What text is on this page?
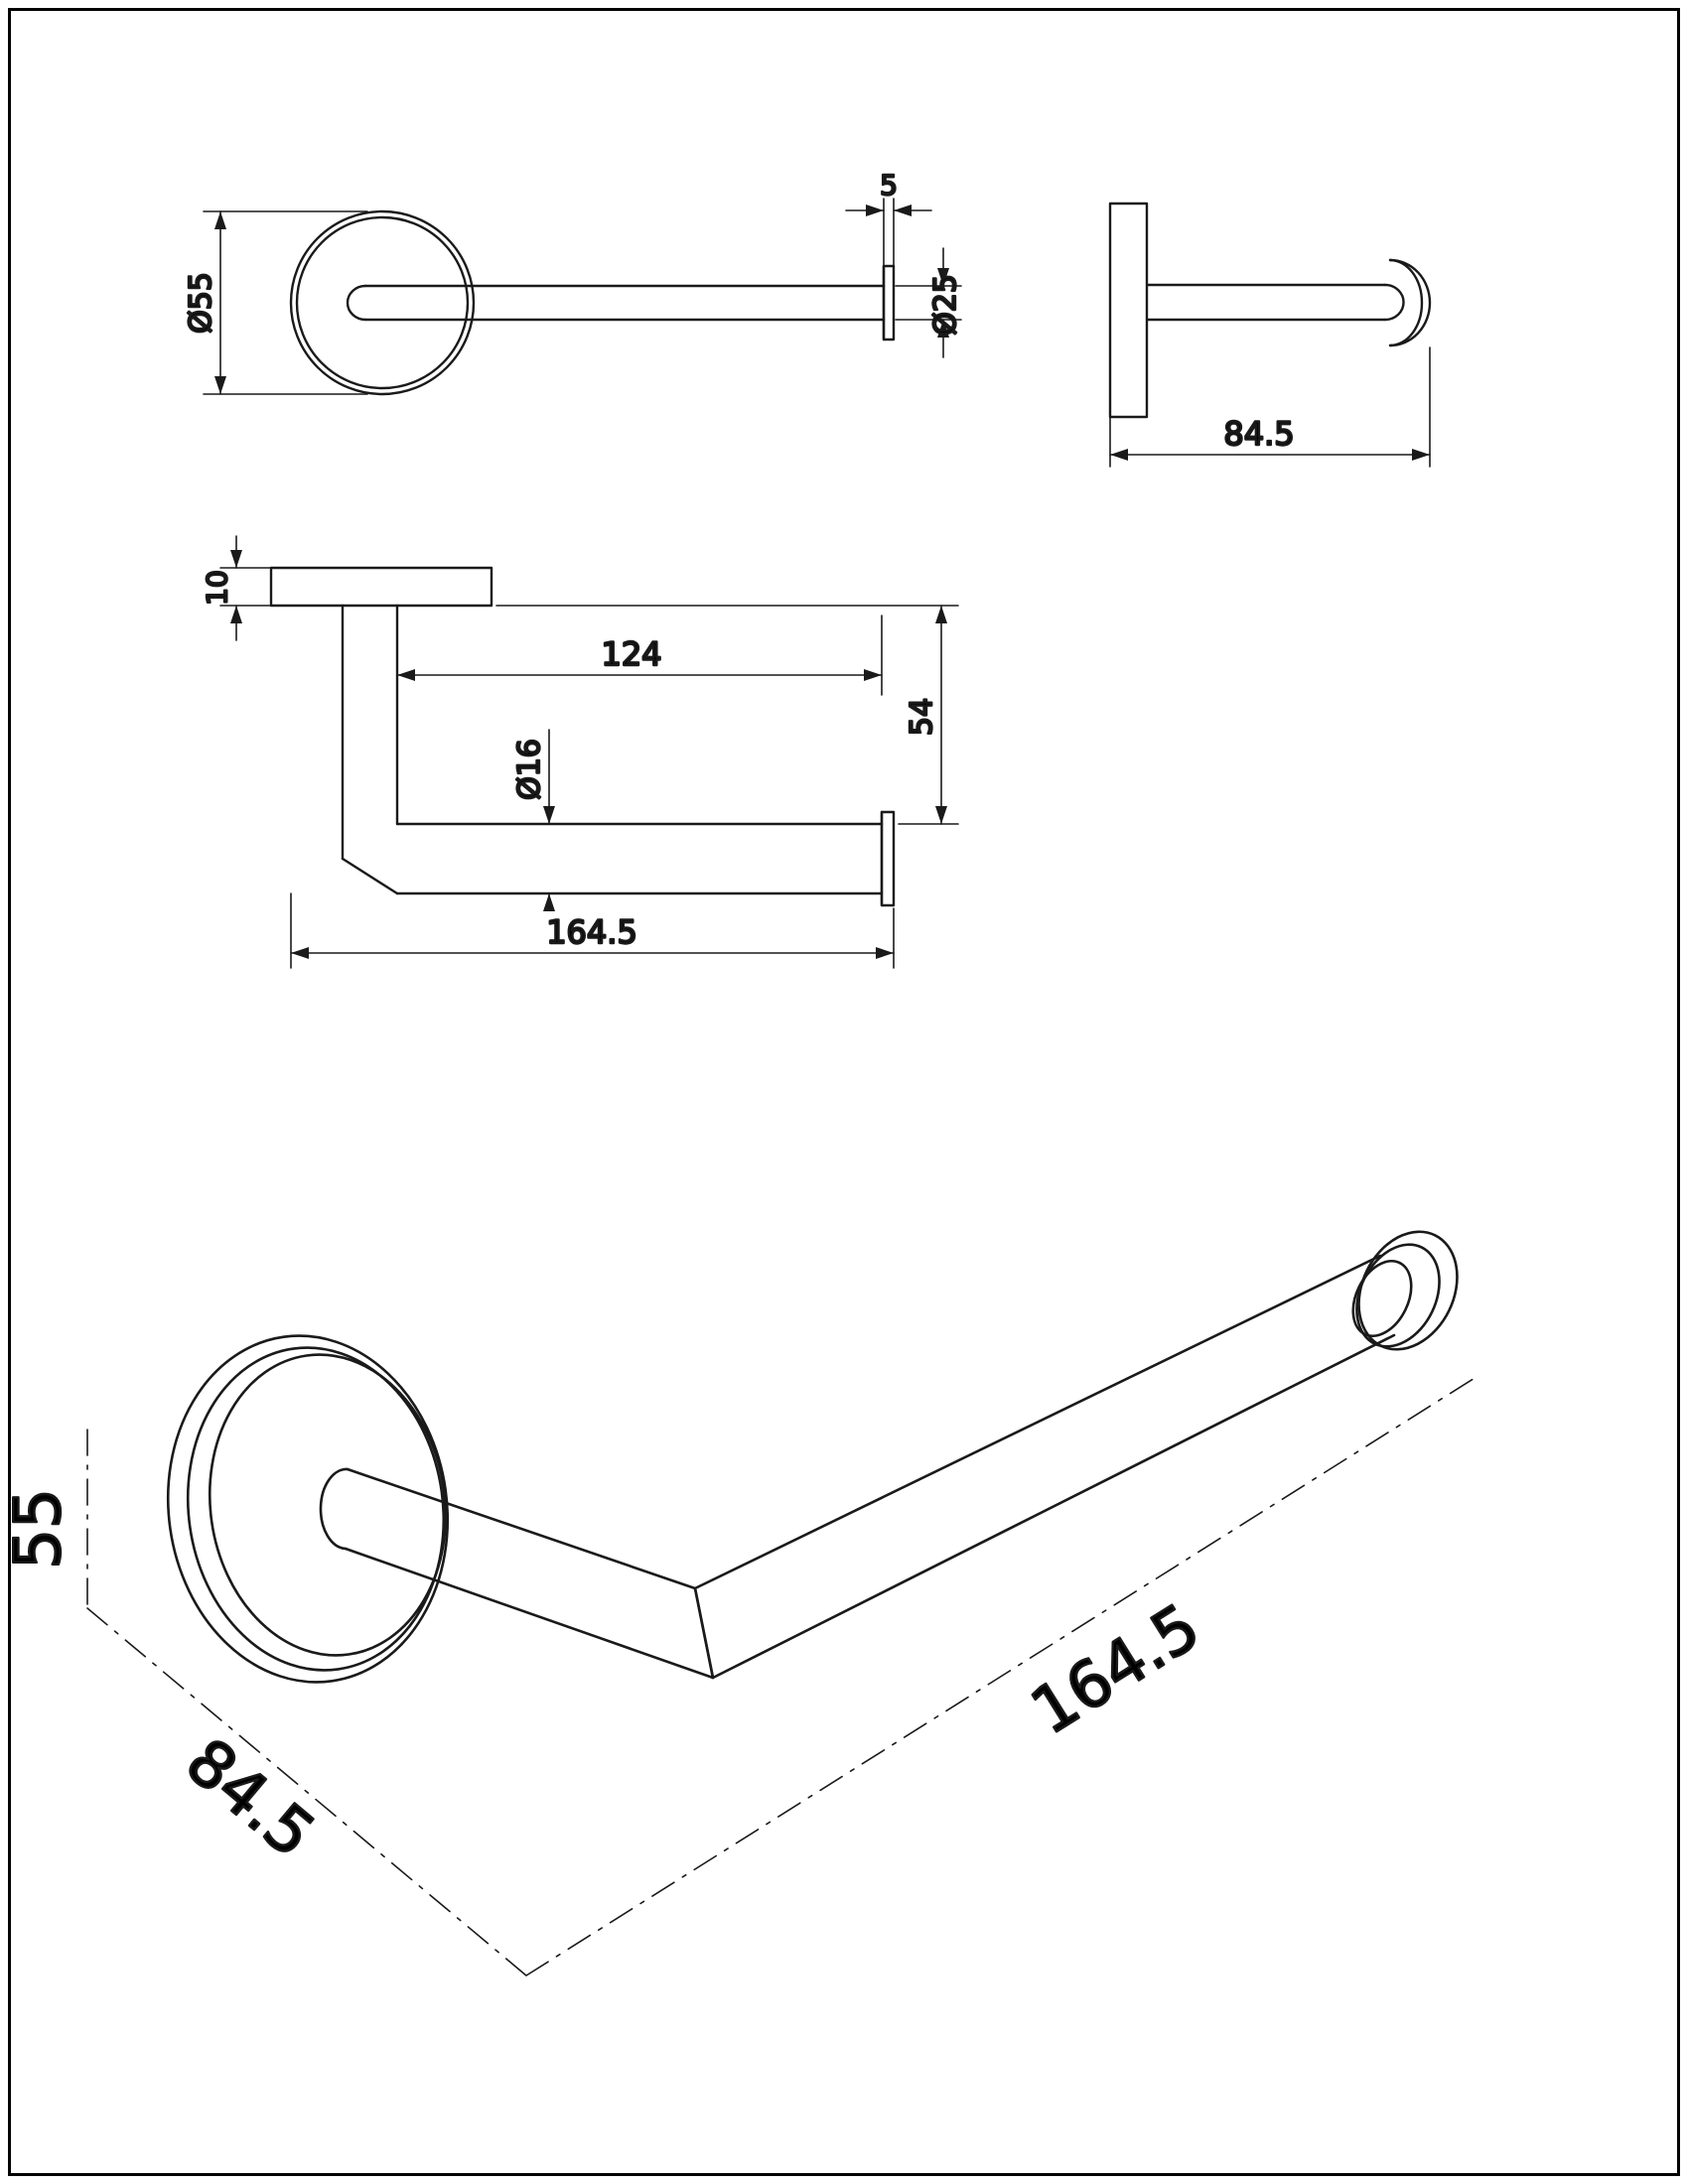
Ø55	Ø25
5
84.5
10
124
Ø16
54
164.5
55
84.5
164.5
